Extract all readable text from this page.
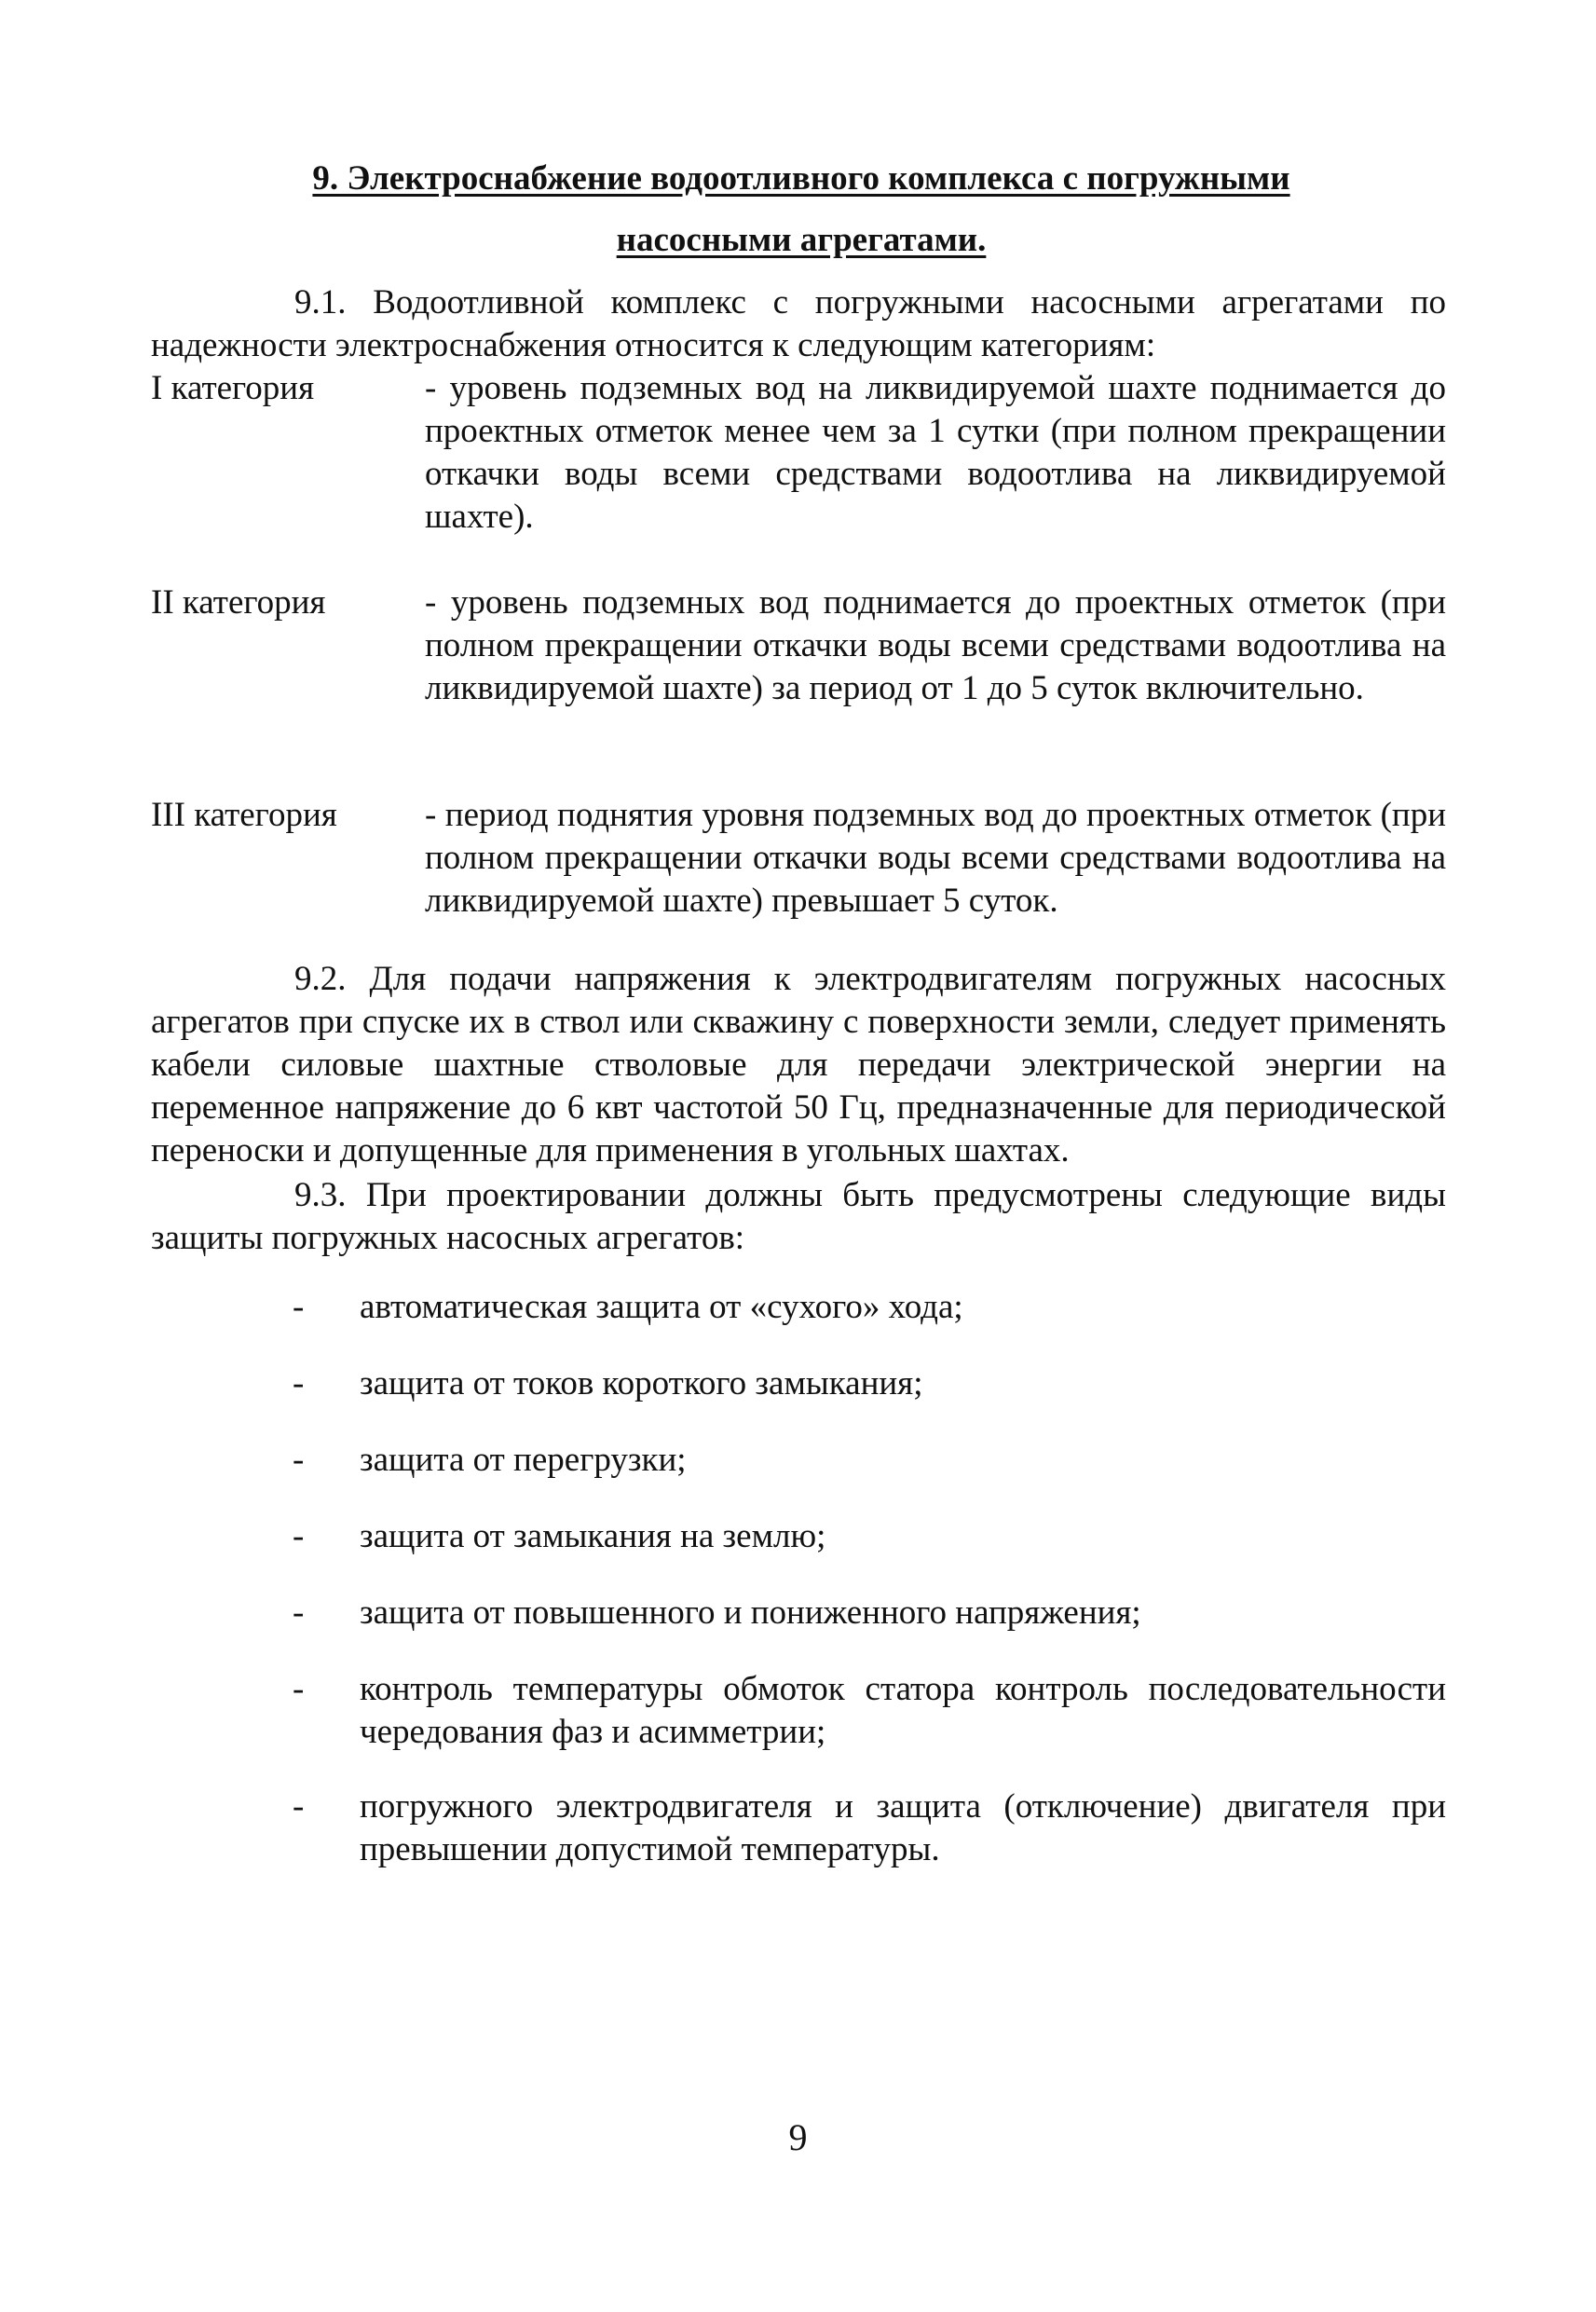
9. Электроснабжение водоотливного комплекса с погружными
насосными агрегатами.
9.1. Водоотливной комплекс с погружными насосными агрегатами по надежности электроснабжения относится к следующим категориям:
I категория	- уровень подземных вод на ликвидируемой шахте поднимается до проектных отметок менее чем за 1 сутки (при полном прекращении откачки воды всеми средствами водоотлива на ликвидируемой шахте).
II категория	- уровень подземных вод поднимается до проектных отметок (при полном прекращении откачки воды всеми средствами водоотлива на ликвидируемой шахте) за период от 1 до 5 суток включительно.
III категория	- период поднятия уровня подземных вод до проектных отметок (при полном прекращении откачки воды всеми средствами водоотлива на ликвидируемой шахте) превышает 5 суток.
9.2. Для подачи напряжения к электродвигателям погружных насосных агрегатов при спуске их в ствол или скважину с поверхности земли, следует применять кабели силовые шахтные стволовые для передачи электрической энергии на переменное напряжение до 6 квт частотой 50 Гц, предназначенные для периодической переноски и допущенные для применения в угольных шахтах.
9.3. При проектировании должны быть предусмотрены следующие виды защиты погружных насосных агрегатов:
- автоматическая защита от «сухого» хода;
- защита от токов короткого замыкания;
- защита от перегрузки;
- защита от замыкания на землю;
- защита от повышенного и пониженного напряжения;
- контроль температуры обмоток статора контроль последовательности чередования фаз и асимметрии;
- погружного электродвигателя и защита (отключение) двигателя при превышении допустимой температуры.
9
